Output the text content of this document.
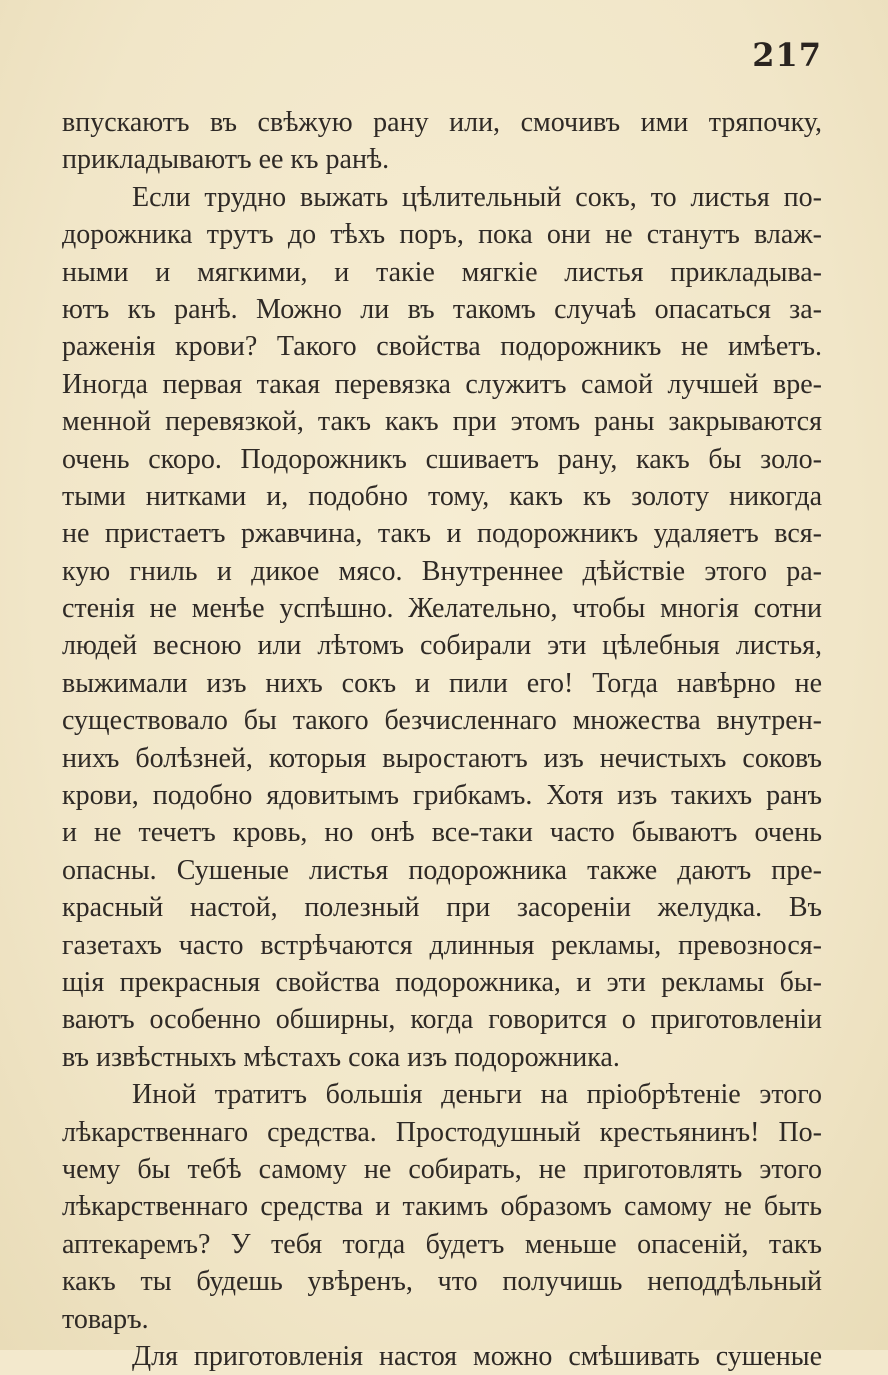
217
впускаютъ въ свѣжую рану или, смочивъ ими тряпочку,
прикладываютъ ее къ ранѣ.
Если трудно выжать цѣлительный сокъ, то листья по-
дорожника трутъ до тѣхъ поръ, пока они не станутъ влаж-
ными и мягкими, и такіе мягкіе листья прикладыва-
ютъ къ ранѣ. Можно ли въ такомъ случаѣ опасаться за-
раженія крови? Такого свойства подорожникъ не имѣетъ.
Иногда первая такая перевязка служитъ самой лучшей вре-
менной перевязкой, такъ какъ при этомъ раны закрываются
очень скоро. Подорожникъ сшиваетъ рану, какъ бы золо-
тыми нитками и, подобно тому, какъ къ золоту никогда
не пристаетъ ржавчина, такъ и подорожникъ удаляетъ вся-
кую гниль и дикое мясо. Внутреннее дѣйствіе этого ра-
стенія не менѣе успѣшно. Желательно, чтобы многія сотни
людей весною или лѣтомъ собирали эти цѣлебныя листья,
выжимали изъ нихъ сокъ и пили его! Тогда навѣрно не
существовало бы такого безчисленнаго множества внутрен-
нихъ болѣзней, которыя выростаютъ изъ нечистыхъ соковъ
крови, подобно ядовитымъ грибкамъ. Хотя изъ такихъ ранъ
и не течетъ кровь, но онѣ все-таки часто бываютъ очень
опасны. Сушеные листья подорожника также даютъ пре-
красный настой, полезный при засореніи желудка. Въ
газетахъ часто встрѣчаются длинныя рекламы, превознося-
щія прекрасныя свойства подорожника, и эти рекламы бы-
ваютъ особенно обширны, когда говорится о приготовленіи
въ извѣстныхъ мѣстахъ сока изъ подорожника.
Иной тратитъ большія деньги на пріобрѣтеніе этого
лѣкарственнаго средства. Простодушный крестьянинъ! По-
чему бы тебѣ самому не собирать, не приготовлять этого
лѣкарственнаго средства и такимъ образомъ самому не быть
аптекаремъ? У тебя тогда будетъ меньше опасеній, такъ
какъ ты будешь увѣренъ, что получишь неподдѣльный
товаръ.
Для приготовленія настоя можно смѣшивать сушеные
